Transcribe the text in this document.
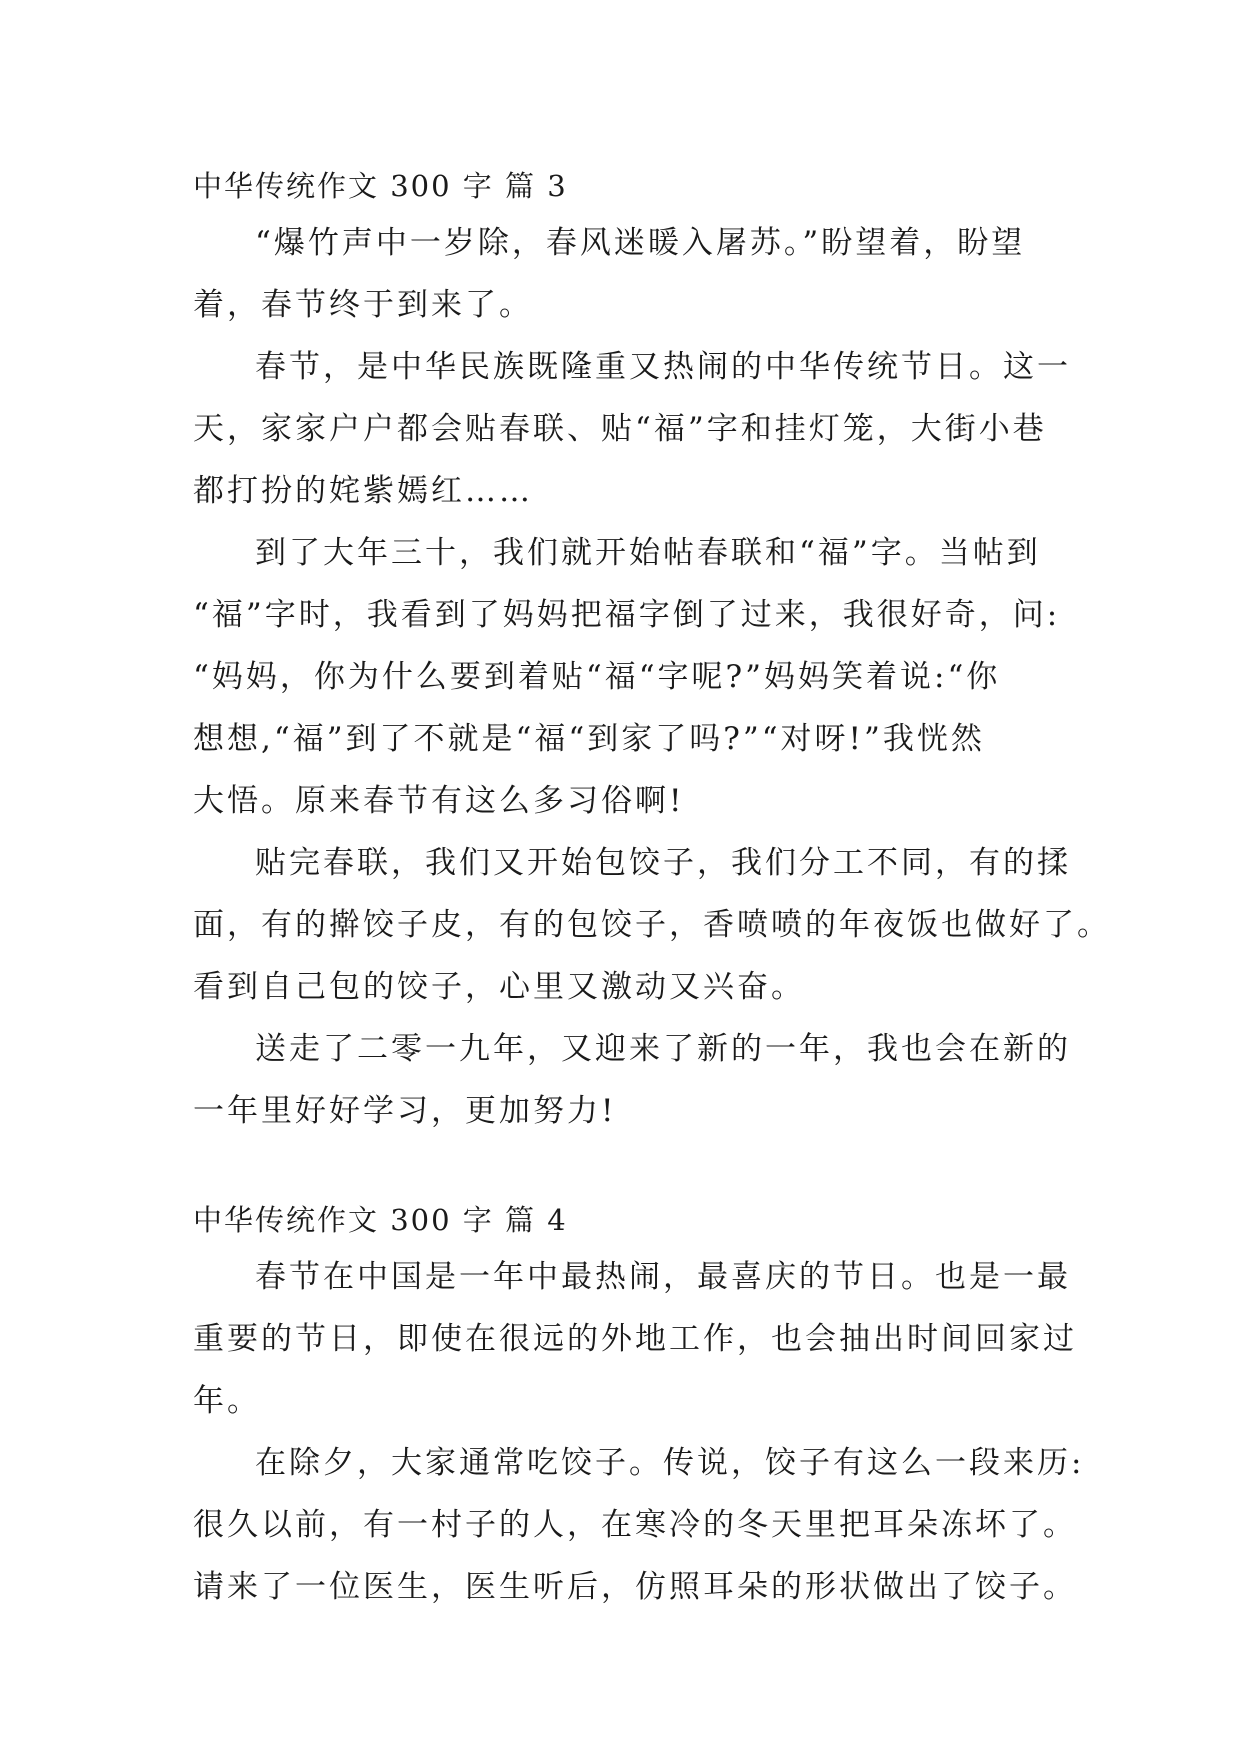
中华传统作文 300 字 篇 3
“爆竹声中一岁除，春风迷暖入屠苏。”盼望着，盼望
着，春节终于到来了。
春节，是中华民族既隆重又热闹的中华传统节日。这一
天，家家户户都会贴春联、贴“福”字和挂灯笼，大街小巷
都打扮的姹紫嫣红……
到了大年三十，我们就开始帖春联和“福”字。当帖到
“福”字时，我看到了妈妈把福字倒了过来，我很好奇，问:
“妈妈，你为什么要到着贴“福“字呢?”妈妈笑着说:“你
想想,“福”到了不就是“福“到家了吗?”“对呀!”我恍然
大悟。原来春节有这么多习俗啊!
贴完春联，我们又开始包饺子，我们分工不同，有的揉
面，有的擀饺子皮，有的包饺子，香喷喷的年夜饭也做好了。
看到自己包的饺子，心里又激动又兴奋。
送走了二零一九年，又迎来了新的一年，我也会在新的
一年里好好学习，更加努力!
中华传统作文 300 字 篇 4
春节在中国是一年中最热闹，最喜庆的节日。也是一最
重要的节日，即使在很远的外地工作，也会抽出时间回家过
年。
在除夕，大家通常吃饺子。传说，饺子有这么一段来历:
很久以前，有一村子的人，在寒冷的冬天里把耳朵冻坏了。
请来了一位医生，医生听后，仿照耳朵的形状做出了饺子。
